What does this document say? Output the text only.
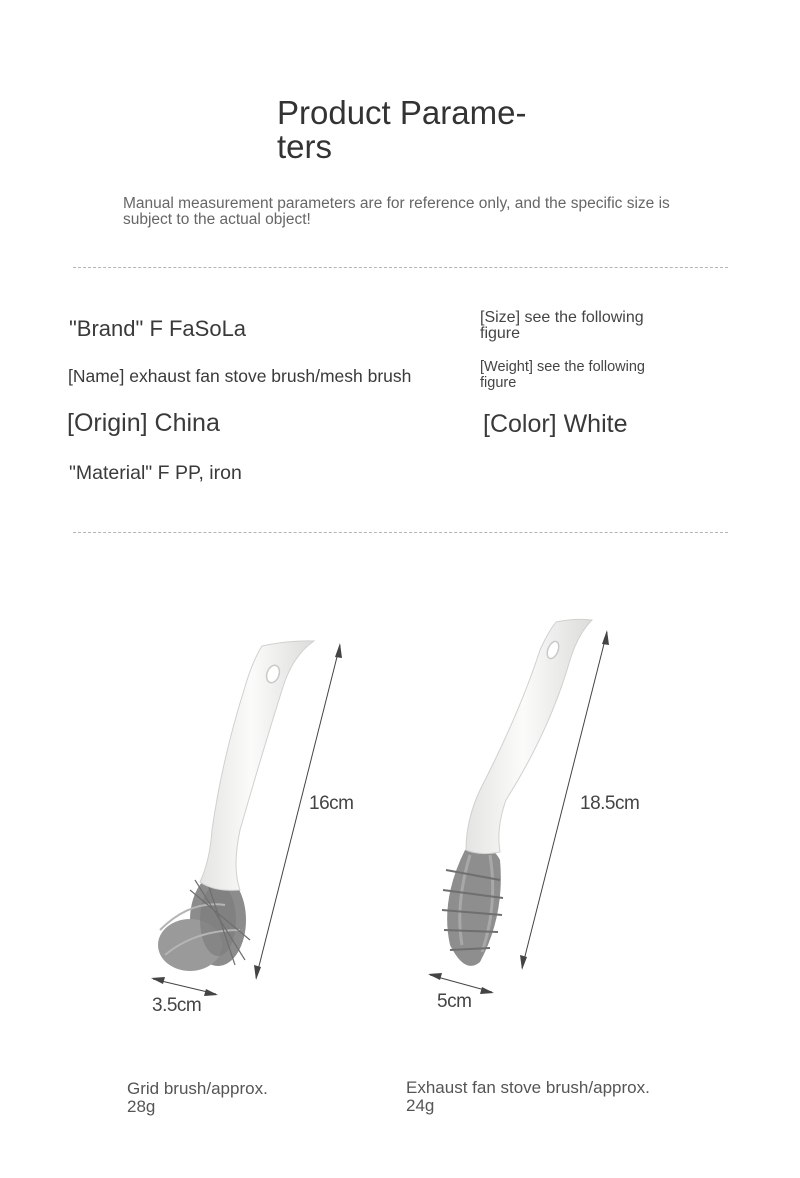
Product Parame-
ters
Manual measurement parameters are for reference only, and the specific size is subject to the actual object!
"Brand" F FaSoLa
[Name] exhaust fan stove brush/mesh brush
[Origin] China
"Material" F PP, iron
[Size] see the following figure
[Weight] see the following figure
[Color] White
16cm
3.5cm
18.5cm
5cm
Grid brush/approx. 28g
Exhaust fan stove brush/approx. 24g
